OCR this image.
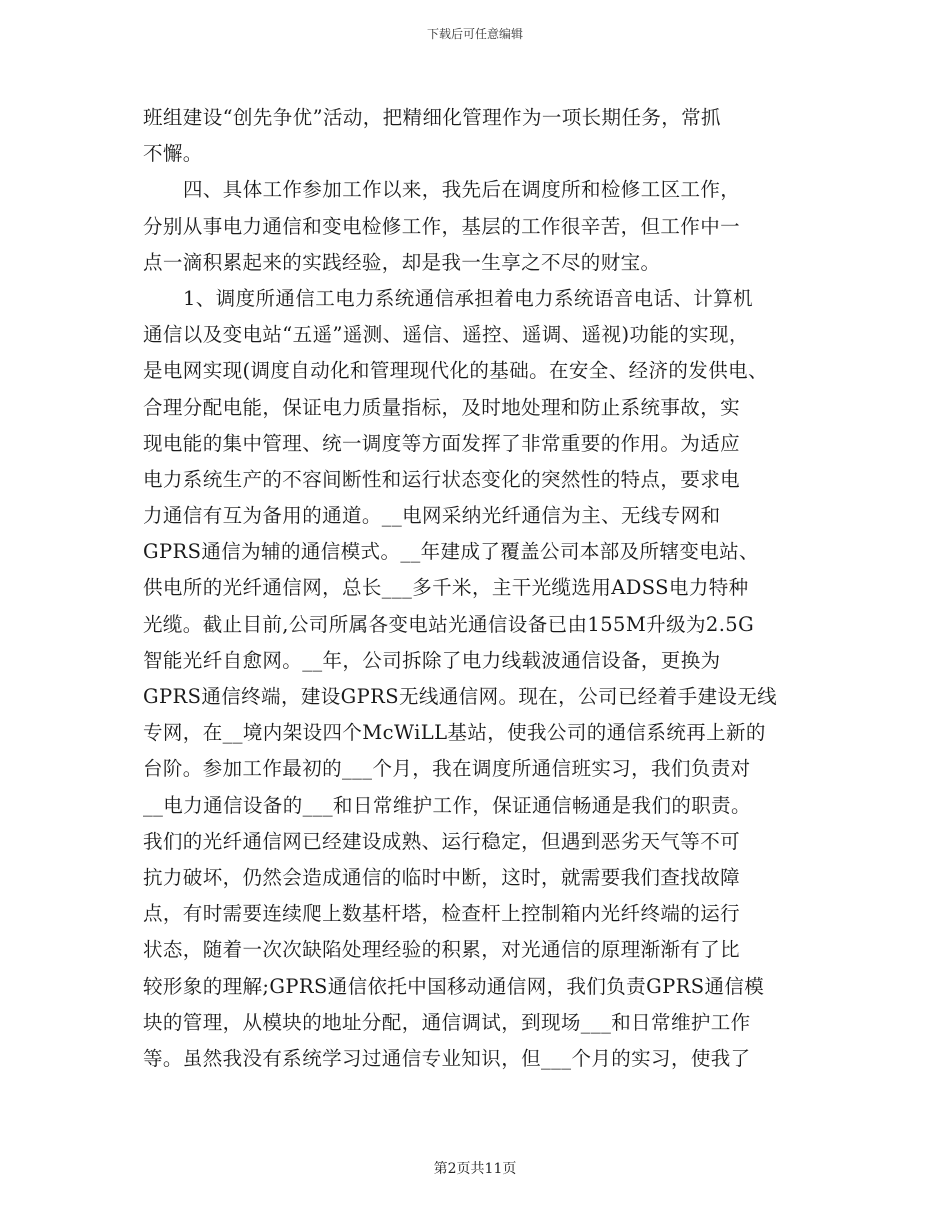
下载后可任意编辑
班组建设“创先争优”活动，把精细化管理作为一项长期任务，常抓
不懈。
四、具体工作参加工作以来，我先后在调度所和检修工区工作，
分别从事电力通信和变电检修工作，基层的工作很辛苦，但工作中一
点一滴积累起来的实践经验，却是我一生享之不尽的财宝。
1、调度所通信工电力系统通信承担着电力系统语音电话、计算机
通信以及变电站“五遥”遥测、遥信、遥控、遥调、遥视)功能的实现，
是电网实现(调度自动化和管理现代化的基础。在安全、经济的发供电、
合理分配电能，保证电力质量指标，及时地处理和防止系统事故，实
现电能的集中管理、统一调度等方面发挥了非常重要的作用。为适应
电力系统生产的不容间断性和运行状态变化的突然性的特点，要求电
力通信有互为备用的通道。__电网采纳光纤通信为主、无线专网和
GPRS通信为辅的通信模式。__年建成了覆盖公司本部及所辖变电站、
供电所的光纤通信网，总长___多千米，主干光缆选用ADSS电力特种
光缆。截止目前,公司所属各变电站光通信设备已由155M升级为2.5G
智能光纤自愈网。__年，公司拆除了电力线载波通信设备，更换为
GPRS通信终端，建设GPRS无线通信网。现在，公司已经着手建设无线
专网，在__境内架设四个McWiLL基站，使我公司的通信系统再上新的
台阶。参加工作最初的___个月，我在调度所通信班实习，我们负责对
__电力通信设备的___和日常维护工作，保证通信畅通是我们的职责。
我们的光纤通信网已经建设成熟、运行稳定，但遇到恶劣天气等不可
抗力破坏，仍然会造成通信的临时中断，这时，就需要我们查找故障
点，有时需要连续爬上数基杆塔，检查杆上控制箱内光纤终端的运行
状态，随着一次次缺陷处理经验的积累，对光通信的原理渐渐有了比
较形象的理解;GPRS通信依托中国移动通信网，我们负责GPRS通信模
块的管理，从模块的地址分配，通信调试，到现场___和日常维护工作
等。虽然我没有系统学习过通信专业知识，但___个月的实习，使我了
第2页共11页
